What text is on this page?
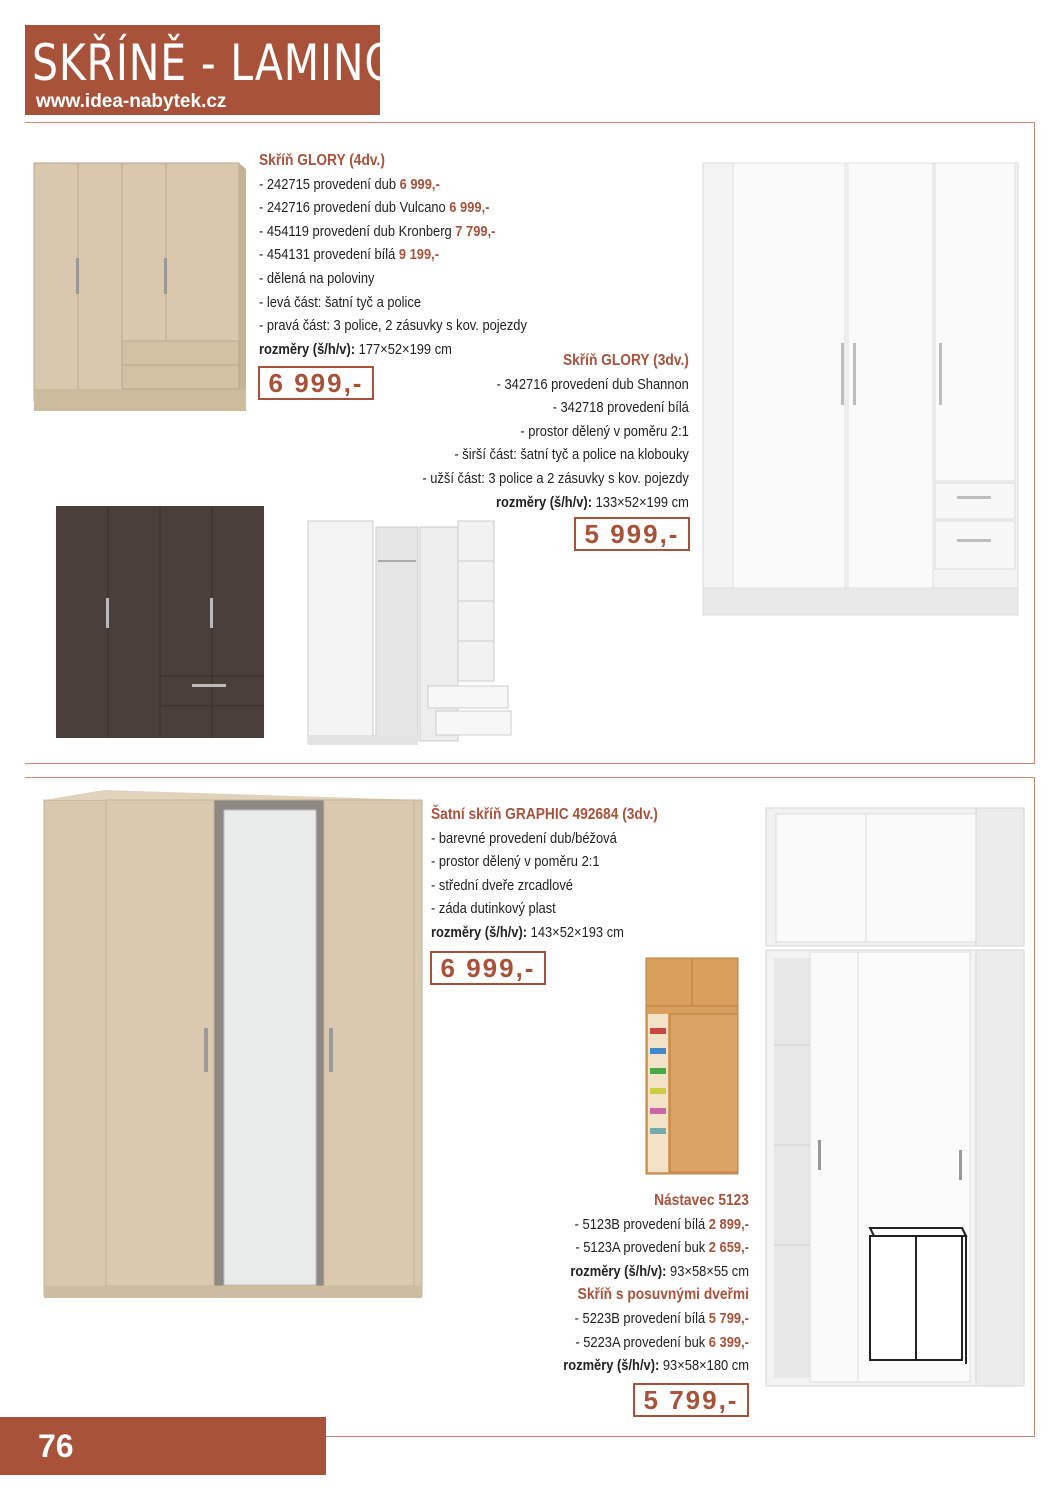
SKŘÍNĚ - LAMINO
www.idea-nabytek.cz
Skříň GLORY (4dv.)
- 242715 provedení dub 6 999,-
- 242716 provedení dub Vulcano 6 999,-
- 454119 provedení dub Kronberg 7 799,-
- 454131 provedení bílá 9 199,-
- dělená na poloviny
- levá část: šatní tyč a police
- pravá část: 3 police, 2 zásuvky s kov. pojezdy
rozměry (š/h/v): 177×52×199 cm
6 999,-
Skříň GLORY (3dv.)
- 342716 provedení dub Shannon
- 342718 provedení bílá
- prostor dělený v poměru 2:1
- širší část: šatní tyč a police na klobouky
- užší část: 3 police a 2 zásuvky s kov. pojezdy
rozměry (š/h/v): 133×52×199 cm
5 999,-
Šatní skříň GRAPHIC 492684 (3dv.)
- barevné provedení dub/béžová
- prostor dělený v poměru 2:1
- střední dveře zrcadlové
- záda dutinkový plast
rozměry (š/h/v): 143×52×193 cm
6 999,-
Nástavec 5123
- 5123B provedení bílá 2 899,-
- 5123A provedení buk 2 659,-
rozměry (š/h/v): 93×58×55 cm
Skříň s posuvnými dveřmi
- 5223B provedení bílá 5 799,-
- 5223A provedení buk 6 399,-
rozměry (š/h/v): 93×58×180 cm
5 799,-
76
